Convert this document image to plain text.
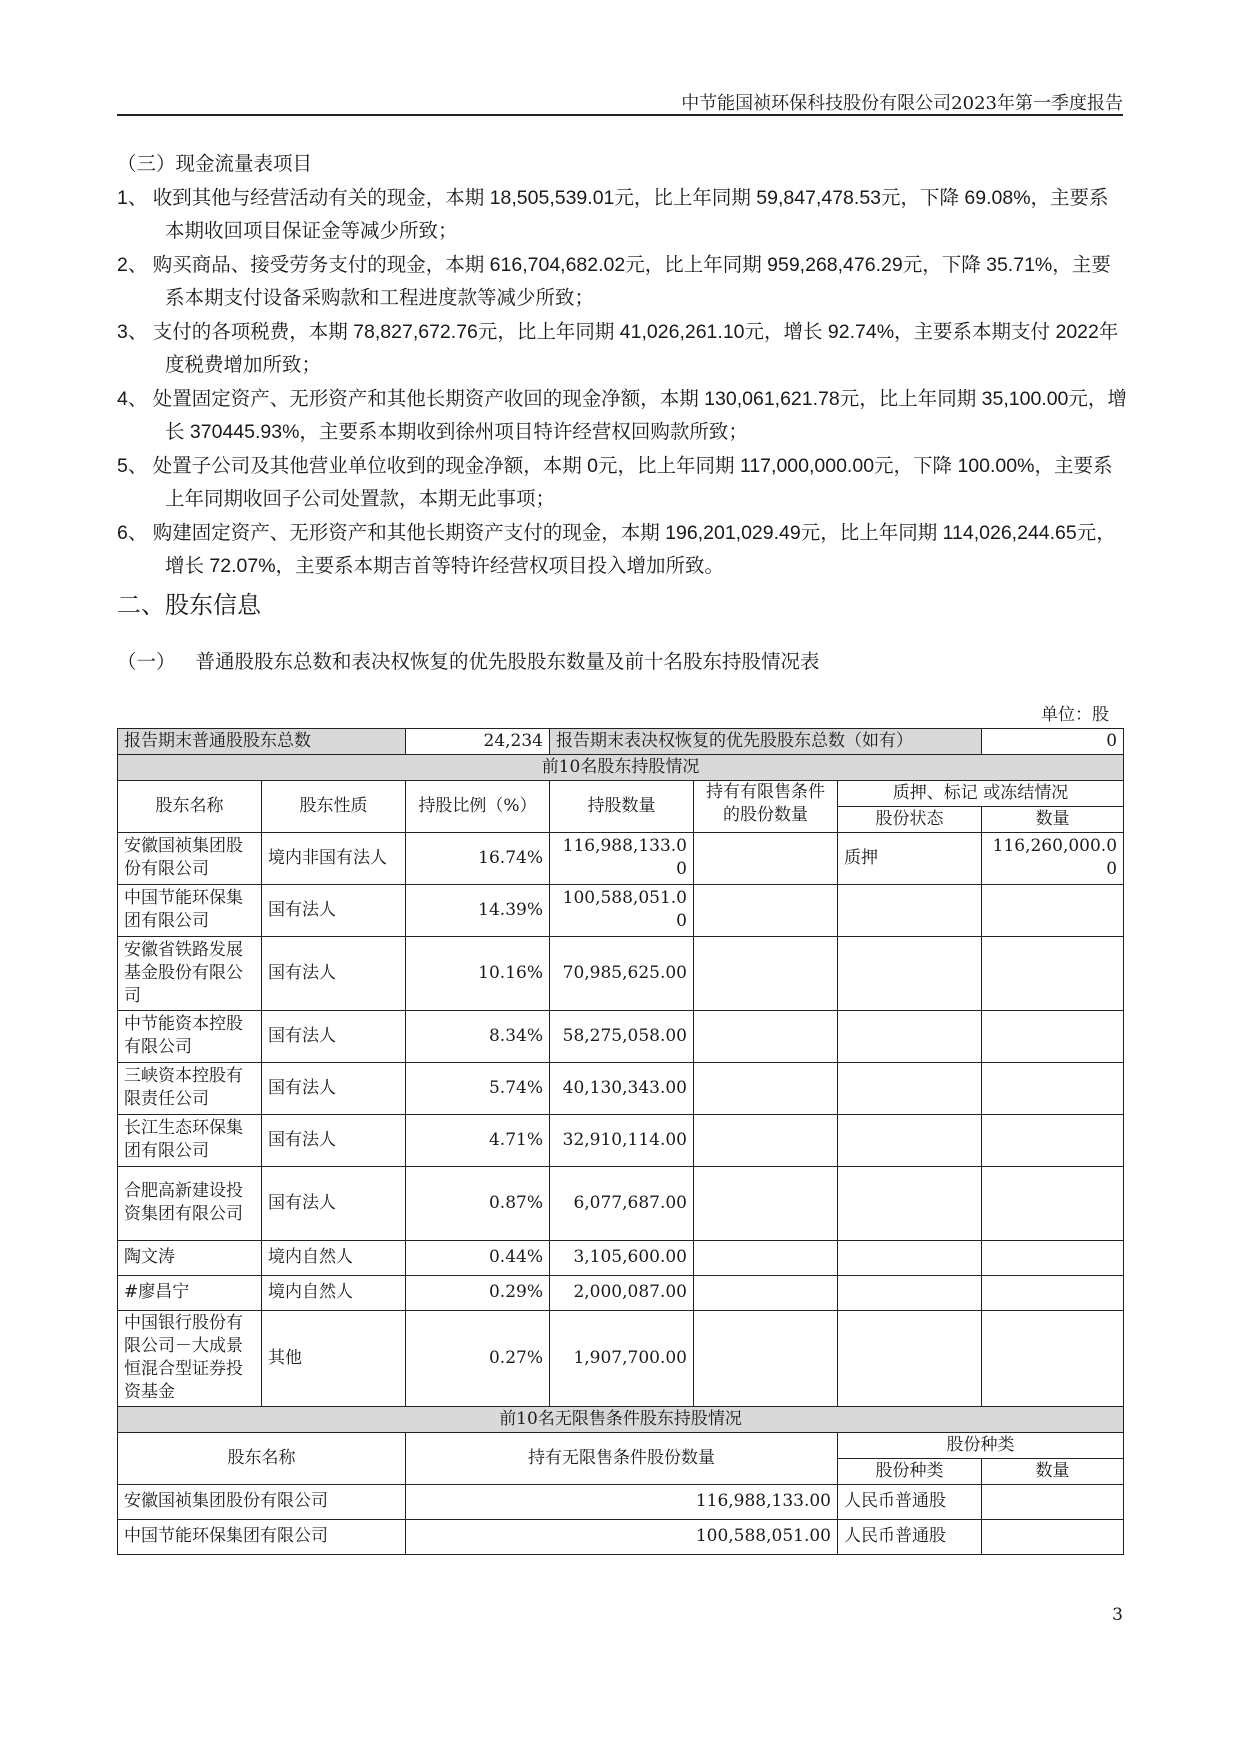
中节能国祯环保科技股份有限公司2023年第一季度报告

（三）现金流量表项目

1、 收到其他与经营活动有关的现金，本期 18,505,539.01元，比上年同期 59,847,478.53元，下降 69.08%，主要系本期收回项目保证金等减少所致；

2、 购买商品、接受劳务支付的现金，本期 616,704,682.02元，比上年同期 959,268,476.29元，下降 35.71%，主要系本期支付设备采购款和工程进度款等减少所致；

3、 支付的各项税费，本期 78,827,672.76元，比上年同期 41,026,261.10元，增长 92.74%，主要系本期支付 2022年度税费增加所致；

4、 处置固定资产、无形资产和其他长期资产收回的现金净额，本期 130,061,621.78元，比上年同期 35,100.00元，增长 370445.93%，主要系本期收到徐州项目特许经营权回购款所致；

5、 处置子公司及其他营业单位收到的现金净额，本期 0元，比上年同期 117,000,000.00元，下降 100.00%，主要系上年同期收回子公司处置款，本期无此事项；

6、 购建固定资产、无形资产和其他长期资产支付的现金，本期 196,201,029.49元，比上年同期 114,026,244.65元，增长 72.07%，主要系本期吉首等特许经营权项目投入增加所致。

二、股东信息
（一） 普通股股东总数和表决权恢复的优先股股东数量及前十名股东持股情况表
单位：股
报告期末普通股股东总数		24,234	报告期末表决权恢复的优先股股东总数（如有）			0
前10名股东持股情况						
股东名称	股东性质	持股比例（%）	持股数量	持有有限售条件的股份数量	质押、标记 或冻结情况	
					股份状态	数量
安徽国祯集团股份有限公司	境内非国有法人	16.74%	116,988,133.00		质押	116,260,000.00
中国节能环保集团有限公司	国有法人	14.39%	100,588,051.00			
安徽省铁路发展基金股份有限公司	国有法人	10.16%	70,985,625.00			
中节能资本控股有限公司	国有法人	8.34%	58,275,058.00			
三峡资本控股有限责任公司	国有法人	5.74%	40,130,343.00			
长江生态环保集团有限公司	国有法人	4.71%	32,910,114.00			
合肥高新建设投资集团有限公司	国有法人	0.87%	6,077,687.00			
陶文涛	境内自然人	0.44%	3,105,600.00			
#廖昌宁	境内自然人	0.29%	2,000,087.00			
中国银行股份有限公司－大成景恒混合型证券投资基金	其他	0.27%	1,907,700.00			
前10名无限售条件股东持股情况						
股东名称		持有无限售条件股份数量			股份种类	
					股份种类	数量
安徽国祯集团股份有限公司		116,988,133.00			人民币普通股	
中国节能环保集团有限公司		100,588,051.00			人民币普通股	
3
